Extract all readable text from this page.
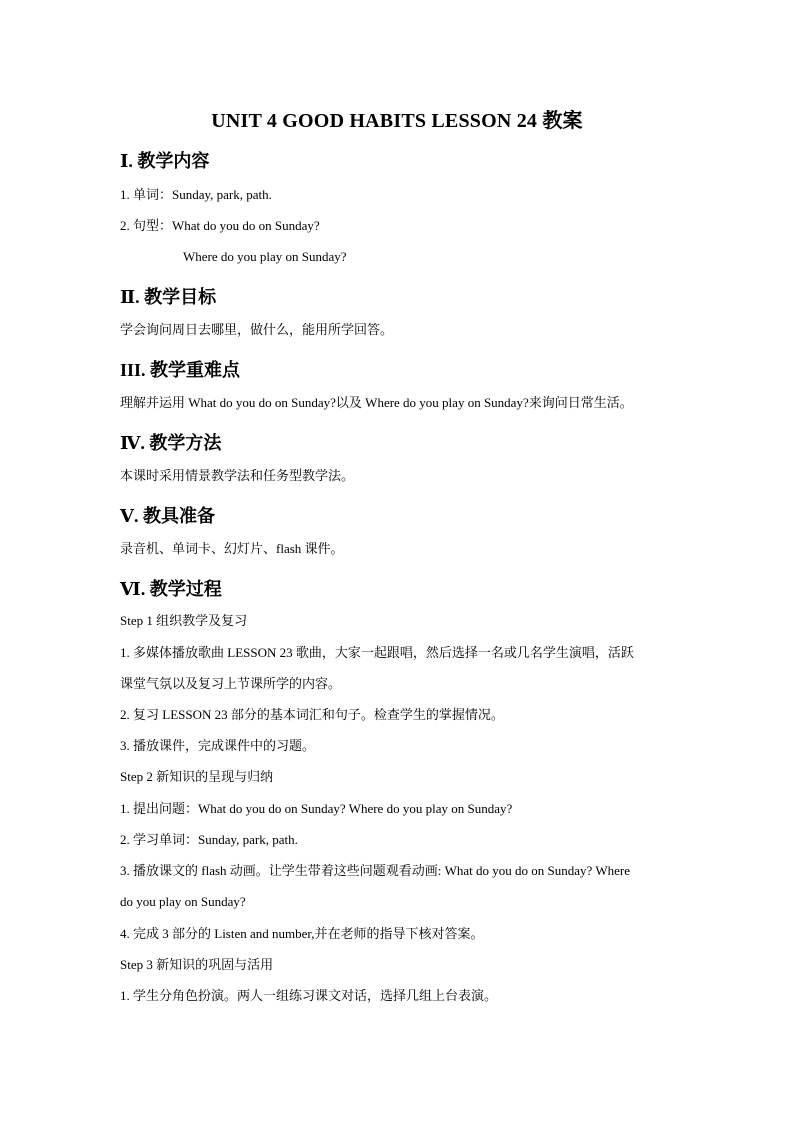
UNIT 4 GOOD HABITS LESSON 24 教案
Ⅰ. 教学内容
1. 单词：Sunday, park, path.
2. 句型：What do you do on Sunday?
Where do you play on Sunday?
Ⅱ. 教学目标
学会询问周日去哪里，做什么，能用所学回答。
III. 教学重难点
理解并运用 What do you do on Sunday?以及 Where do you play on Sunday?来询问日常生活。
Ⅳ. 教学方法
本课时采用情景教学法和任务型教学法。
Ⅴ. 教具准备
录音机、单词卡、幻灯片、flash 课件。
Ⅵ. 教学过程
Step 1 组织教学及复习
1. 多媒体播放歌曲 LESSON 23 歌曲，大家一起跟唱，然后选择一名或几名学生演唱，活跃
课堂气氛以及复习上节课所学的内容。
2. 复习 LESSON 23 部分的基本词汇和句子。检查学生的掌握情况。
3. 播放课件，完成课件中的习题。
Step 2 新知识的呈现与归纳
1. 提出问题：What do you do on Sunday? Where do you play on Sunday?
2. 学习单词：Sunday, park, path.
3. 播放课文的 flash 动画。让学生带着这些问题观看动画: What do you do on Sunday? Where
do you play on Sunday?
4. 完成 3 部分的 Listen and number,并在老师的指导下核对答案。
Step 3 新知识的巩固与活用
1. 学生分角色扮演。两人一组练习课文对话，选择几组上台表演。
